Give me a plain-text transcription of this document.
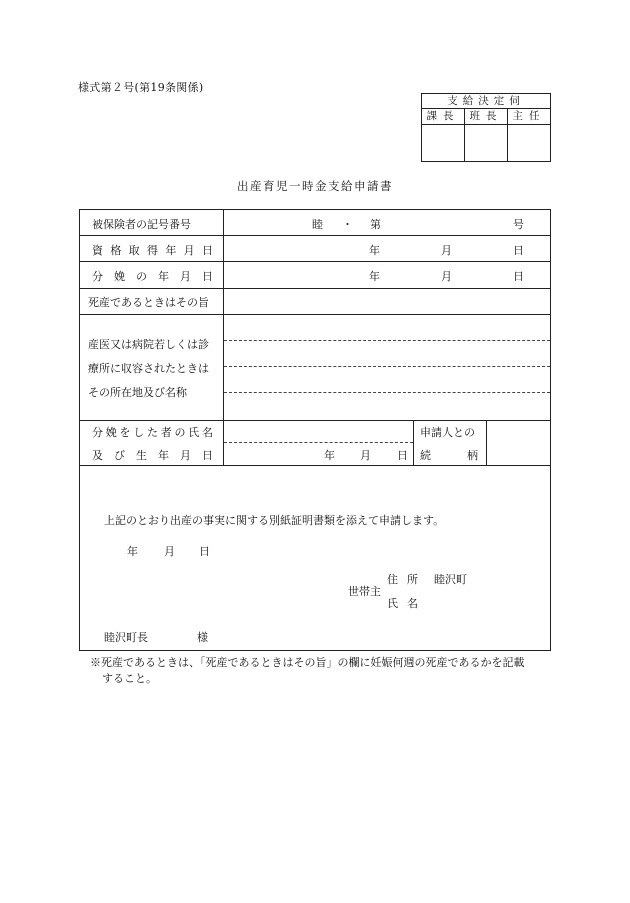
様式第２号(第19条関係)
支給決定伺
課長 班長 主任
出産育児一時金支給申請書
被保険者の記号番号	睦 ・ 第	号
資 格 取 得 年 月 日	年	月	日
分 娩 の 年 月 日	年	月	日
死産であるときはその旨
産医又は病院若しくは診
療所に収容されたときは
その所在地及び名称
分 娩 を し た 者 の 氏 名
及 び 生 年 月 日	年 月 日
申請人との
続	柄
上記のとおり出産の事実に関する別紙証明書類を添えて申請します。
年 月 日
世帯主
住 所 睦沢町
氏 名
睦沢町長	様
※死産であるときは、「死産であるときはその旨」の欄に妊娠何週の死産であるかを記載
すること。
